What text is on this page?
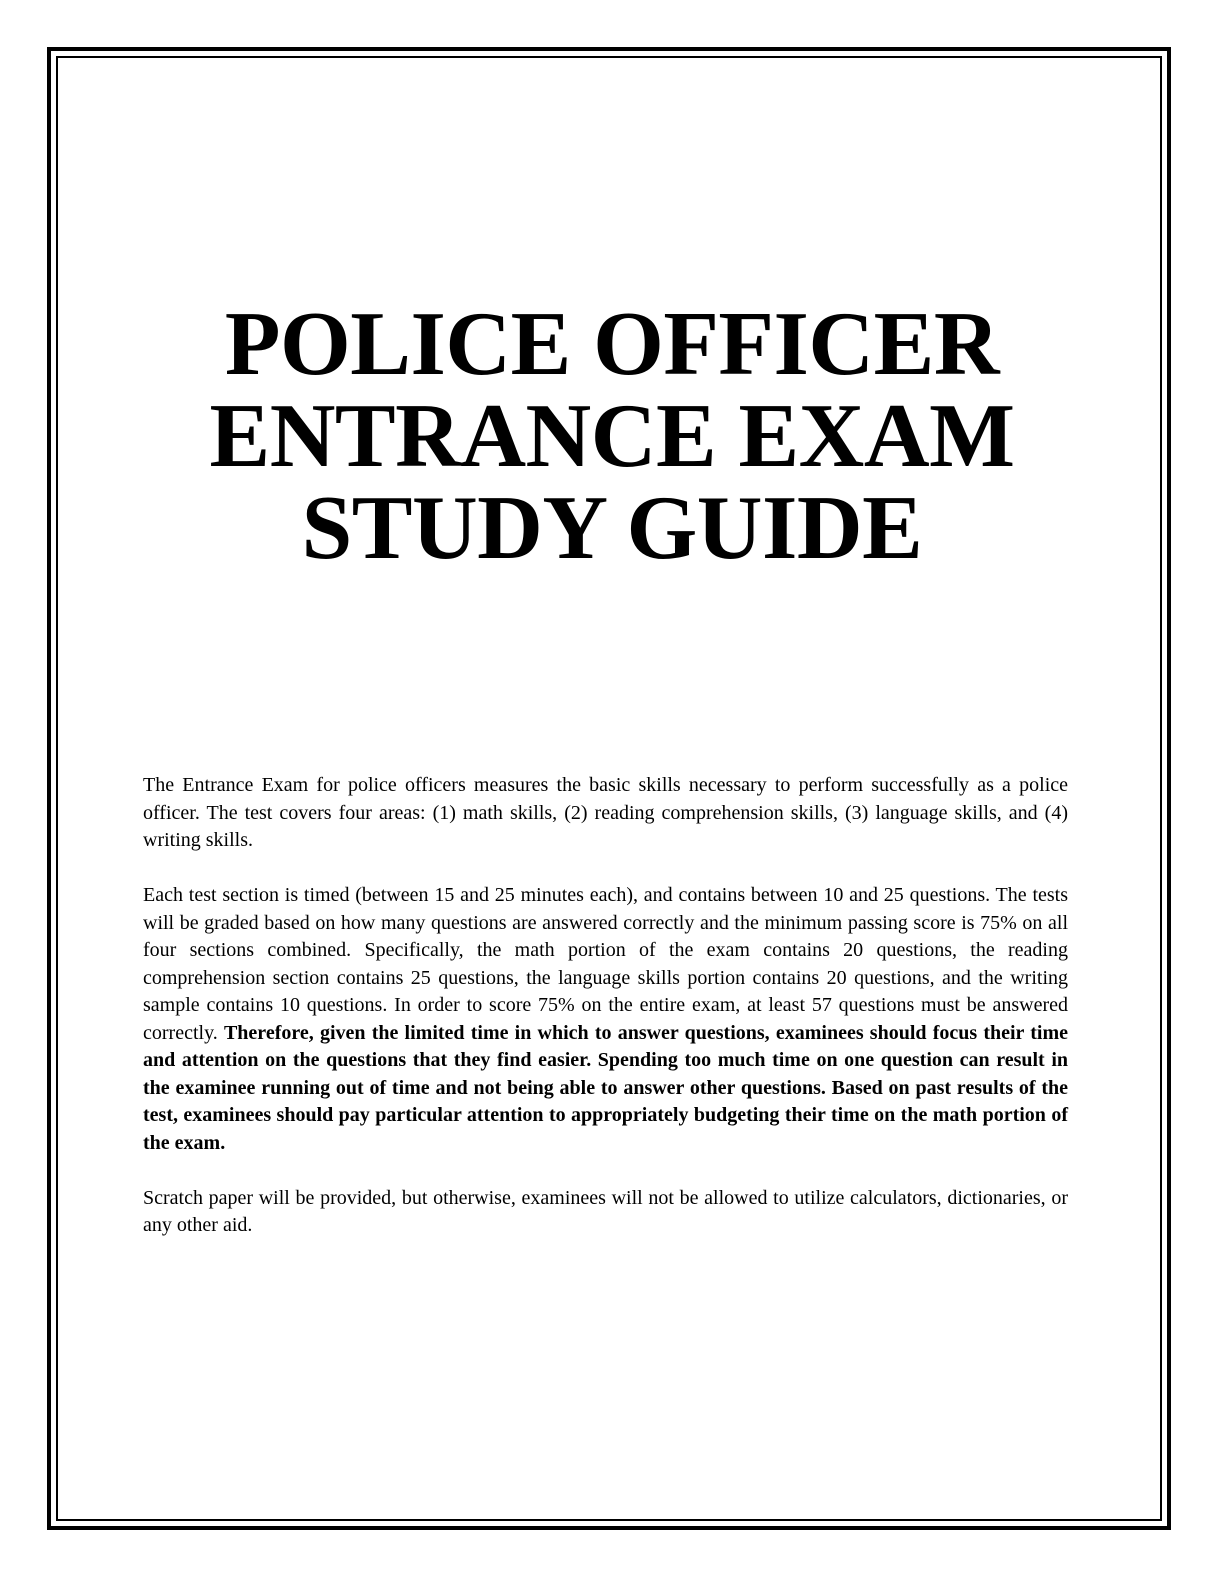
POLICE OFFICER
ENTRANCE EXAM
STUDY GUIDE

The Entrance Exam for police officers measures the basic skills necessary to perform successfully as a police officer. The test covers four areas: (1) math skills, (2) reading comprehension skills, (3) language skills, and (4) writing skills.

Each test section is timed (between 15 and 25 minutes each), and contains between 10 and 25 questions. The tests will be graded based on how many questions are answered correctly and the minimum passing score is 75% on all four sections combined. Specifically, the math portion of the exam contains 20 questions, the reading comprehension section contains 25 questions, the language skills portion contains 20 questions, and the writing sample contains 10 questions. In order to score 75% on the entire exam, at least 57 questions must be answered correctly. Therefore, given the limited time in which to answer questions, examinees should focus their time and attention on the questions that they find easier. Spending too much time on one question can result in the examinee running out of time and not being able to answer other questions. Based on past results of the test, examinees should pay particular attention to appropriately budgeting their time on the math portion of the exam.

Scratch paper will be provided, but otherwise, examinees will not be allowed to utilize calculators, dictionaries, or any other aid.
